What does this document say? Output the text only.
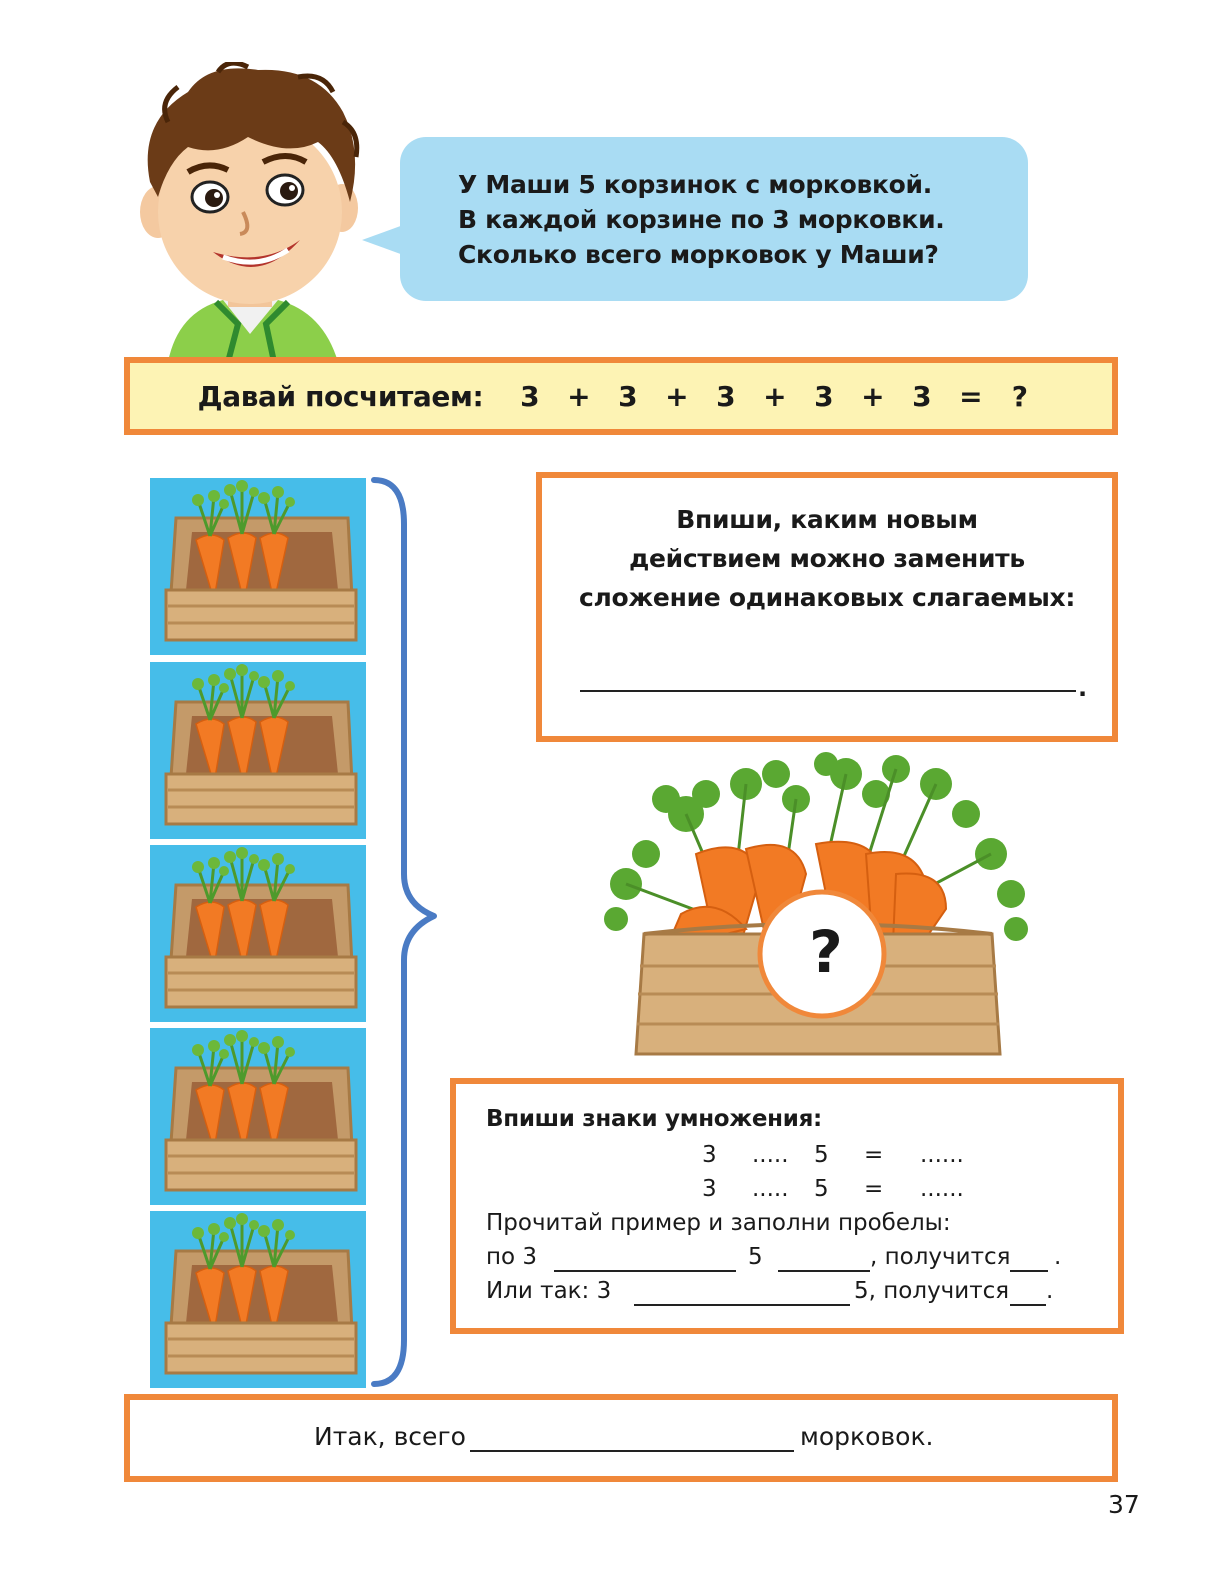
У Маши 5 корзинок с морковкой.
В каждой корзине по 3 морковки.
Сколько всего морковок у Маши?
Давай посчитаем:	3 + 3 + 3 + 3 + 3 =	?
Впиши, каким новым
действием можно заменить
сложение одинаковых слагаемых:
.
?
Впиши знаки умножения:
3 ..... 5 = ......
3 ..... 5 = ......
Прочитай пример и заполни пробелы:
по 3	5	, получится .
Или так: 3	5, получится .
Итак, всего	морковок.
37
